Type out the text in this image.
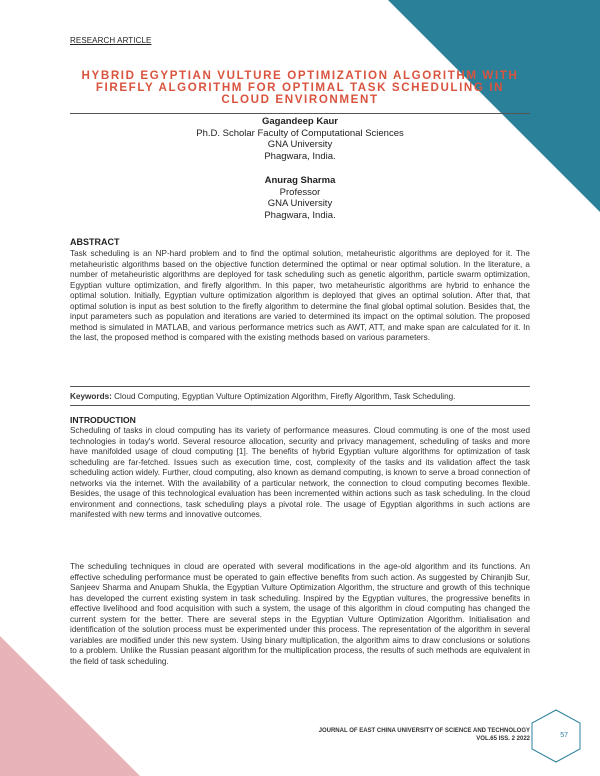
RESEARCH ARTICLE
HYBRID EGYPTIAN VULTURE OPTIMIZATION ALGORITHM WITH
FIREFLY ALGORITHM FOR OPTIMAL TASK SCHEDULING IN
CLOUD ENVIRONMENT
Gagandeep Kaur
Ph.D. Scholar Faculty of Computational Sciences
GNA University
Phagwara, India.
Anurag Sharma
Professor
GNA University
Phagwara, India.
ABSTRACT

Task scheduling is an NP-hard problem and to find the optimal solution, metaheuristic algorithms are deployed for it. The metaheuristic algorithms based on the objective function determined the optimal or near optimal solution. In the literature, a number of metaheuristic algorithms are deployed for task scheduling such as genetic algorithm, particle swarm optimization, Egyptian vulture optimization, and firefly algorithm. In this paper, two metaheuristic algorithms are hybrid to enhance the optimal solution. Initially, Egyptian vulture optimization algorithm is deployed that gives an optimal solution. After that, that optimal solution is input as best solution to the firefly algorithm to determine the final global optimal solution. Besides that, the input parameters such as population and iterations are varied to determined its impact on the optimal solution. The proposed method is simulated in MATLAB, and various performance metrics such as AWT, ATT, and make span are calculated for it. In the last, the proposed method is compared with the existing methods based on various parameters.

Keywords: Cloud Computing, Egyptian Vulture Optimization Algorithm, Firefly Algorithm, Task Scheduling.
INTRODUCTION

Scheduling of tasks in cloud computing has its variety of performance measures. Cloud commuting is one of the most used technologies in today's world. Several resource allocation, security and privacy management, scheduling of tasks and more have manifolded usage of cloud computing [1]. The benefits of hybrid Egyptian vulture algorithms for optimization of task scheduling are far-fetched. Issues such as execution time, cost, complexity of the tasks and its validation affect the task scheduling action widely. Further, cloud computing, also known as demand computing, is known to serve a broad connection of networks via the internet. With the availability of a particular network, the connection to cloud computing becomes flexible. Besides, the usage of this technological evaluation has been incremented within actions such as task scheduling. In the cloud environment and connections, task scheduling plays a pivotal role. The usage of Egyptian algorithms in such actions are manifested with new terms and innovative outcomes.

The scheduling techniques in cloud are operated with several modifications in the age-old algorithm and its functions. An effective scheduling performance must be operated to gain effective benefits from such action. As suggested by Chiranjib Sur, Sanjeev Sharma and Anupam Shukla, the Egyptian Vulture Optimization Algorithm, the structure and growth of this technique has developed the current existing system in task scheduling. Inspired by the Egyptian vultures, the progressive benefits in effective livelihood and food acquisition with such a system, the usage of this algorithm in cloud computing has changed the current system for the better. There are several steps in the Egyptian Vulture Optimization Algorithm. Initialisation and identification of the solution process must be experimented under this process. The representation of the algorithm in several variables are modified under this new system. Using binary multiplication, the algorithm aims to draw conclusions or solutions to a problem. Unlike the Russian peasant algorithm for the multiplication process, the results of such methods are equivalent in the field of task scheduling.

JOURNAL OF EAST CHINA UNIVERSITY OF SCIENCE AND TECHNOLOGY
VOL.65 ISS. 2 2022	57
